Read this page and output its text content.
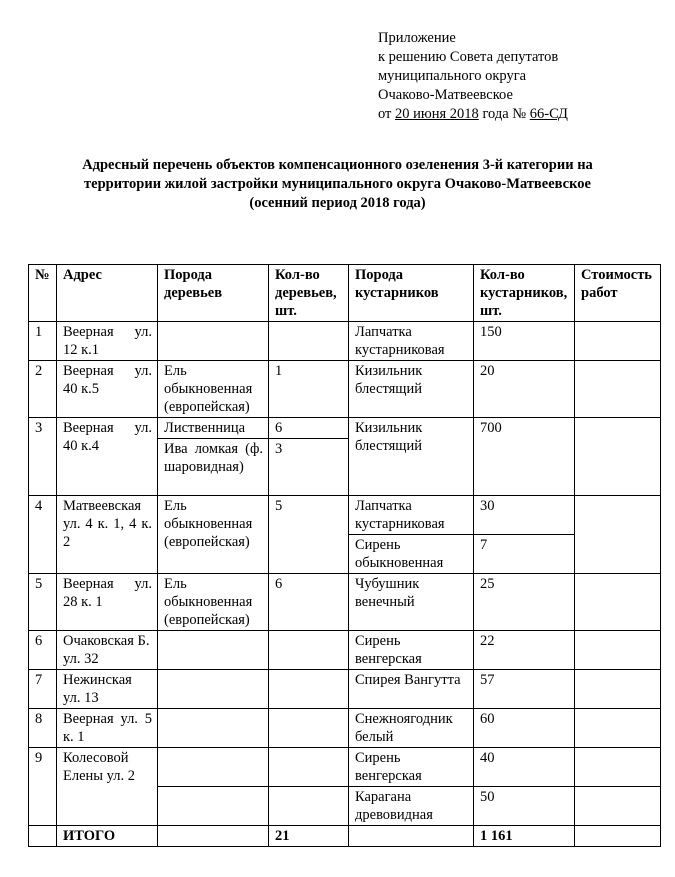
Приложение
к решению Совета депутатов
муниципального округа
Очаково-Матвеевское
от 20 июня 2018 года № 66-СД
Адресный перечень объектов компенсационного озеленения 3-й категории на
территории жилой застройки муниципального округа Очаково-Матвеевское
(осенний период 2018 года)
№	Адрес	Порода деревьев	Кол-во деревьев, шт.	Порода кустарников	Кол-во кустарников, шт.	Стоимость работ
1	Веерная ул. 12 к.1			Лапчатка кустарниковая	150	
2	Веерная ул. 40 к.5	Ель обыкновенная (европейская)	1	Кизильник блестящий	20	
3	Веерная ул. 40 к.4	Лиственница	6	Кизильник блестящий	700	
		Ива ломкая (ф. шаровидная)	3			
4	Матвеевская ул. 4 к. 1, 4 к. 2	Ель обыкновенная (европейская)	5	Лапчатка кустарниковая	30	
				Сирень обыкновенная	7	
5	Веерная ул. 28 к. 1	Ель обыкновенная (европейская)	6	Чубушник венечный	25	
6	Очаковская Б. ул. 32			Сирень венгерская	22	
7	Нежинская ул. 13			Спирея Вангутта	57	
8	Веерная ул. 5 к. 1			Снежноягодник белый	60	
9	Колесовой Елены ул. 2			Сирень венгерская	40	
				Карагана древовидная	50	
	ИТОГО		21		1 161	
